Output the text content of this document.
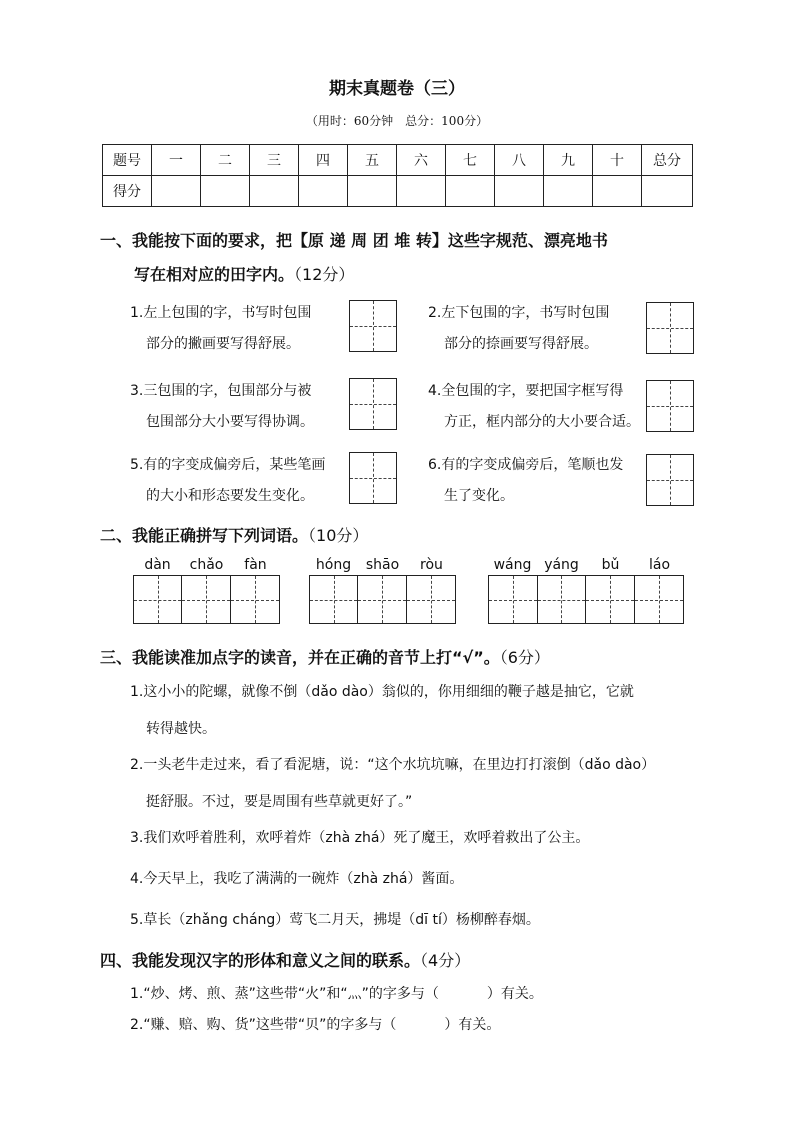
期末真题卷（三）
（用时：60分钟　总分：100分）
题号	一	二	三	四	五	六	七	八	九	十	总分
得分											
一、我能按下面的要求，把【原 递 周 团 堆 转】这些字规范、漂亮地书
写在相对应的田字内。（12分）
1.左上包围的字，书写时包围
部分的撇画要写得舒展。
2.左下包围的字，书写时包围
部分的捺画要写得舒展。
3.三包围的字，包围部分与被
包围部分大小要写得协调。
4.全包围的字，要把国字框写得
方正，框内部分的大小要合适。
5.有的字变成偏旁后，某些笔画
的大小和形态要发生变化。
6.有的字变成偏旁后，笔顺也发
生了变化。
二、我能正确拼写下列词语。（10分）
dàn	chǎo	fàn	hóng	shāo	ròu	wáng yáng	bǔ	láo
三、我能读准加点字的读音，并在正确的音节上打“√”。（6分）
1.这小小的陀螺，就像不倒（dǎo dào）翁似的，你用细细的鞭子越是抽它，它就
转得越快。
2.一头老牛走过来，看了看泥塘，说：“这个水坑坑嘛，在里边打打滚倒（dǎo dào）
挺舒服。不过，要是周围有些草就更好了。”
3.我们欢呼着胜利，欢呼着炸（zhà zhá）死了魔王，欢呼着救出了公主。
4.今天早上，我吃了满满的一碗炸（zhà zhá）酱面。
5.草长（zhǎng cháng）莺飞二月天，拂堤（dī tí）杨柳醉春烟。
四、我能发现汉字的形体和意义之间的联系。（4分）
1.“炒、烤、煎、蒸”这些带“火”和“灬”的字多与（	）有关。
2.“赚、赔、购、货”这些带“贝”的字多与（	）有关。
